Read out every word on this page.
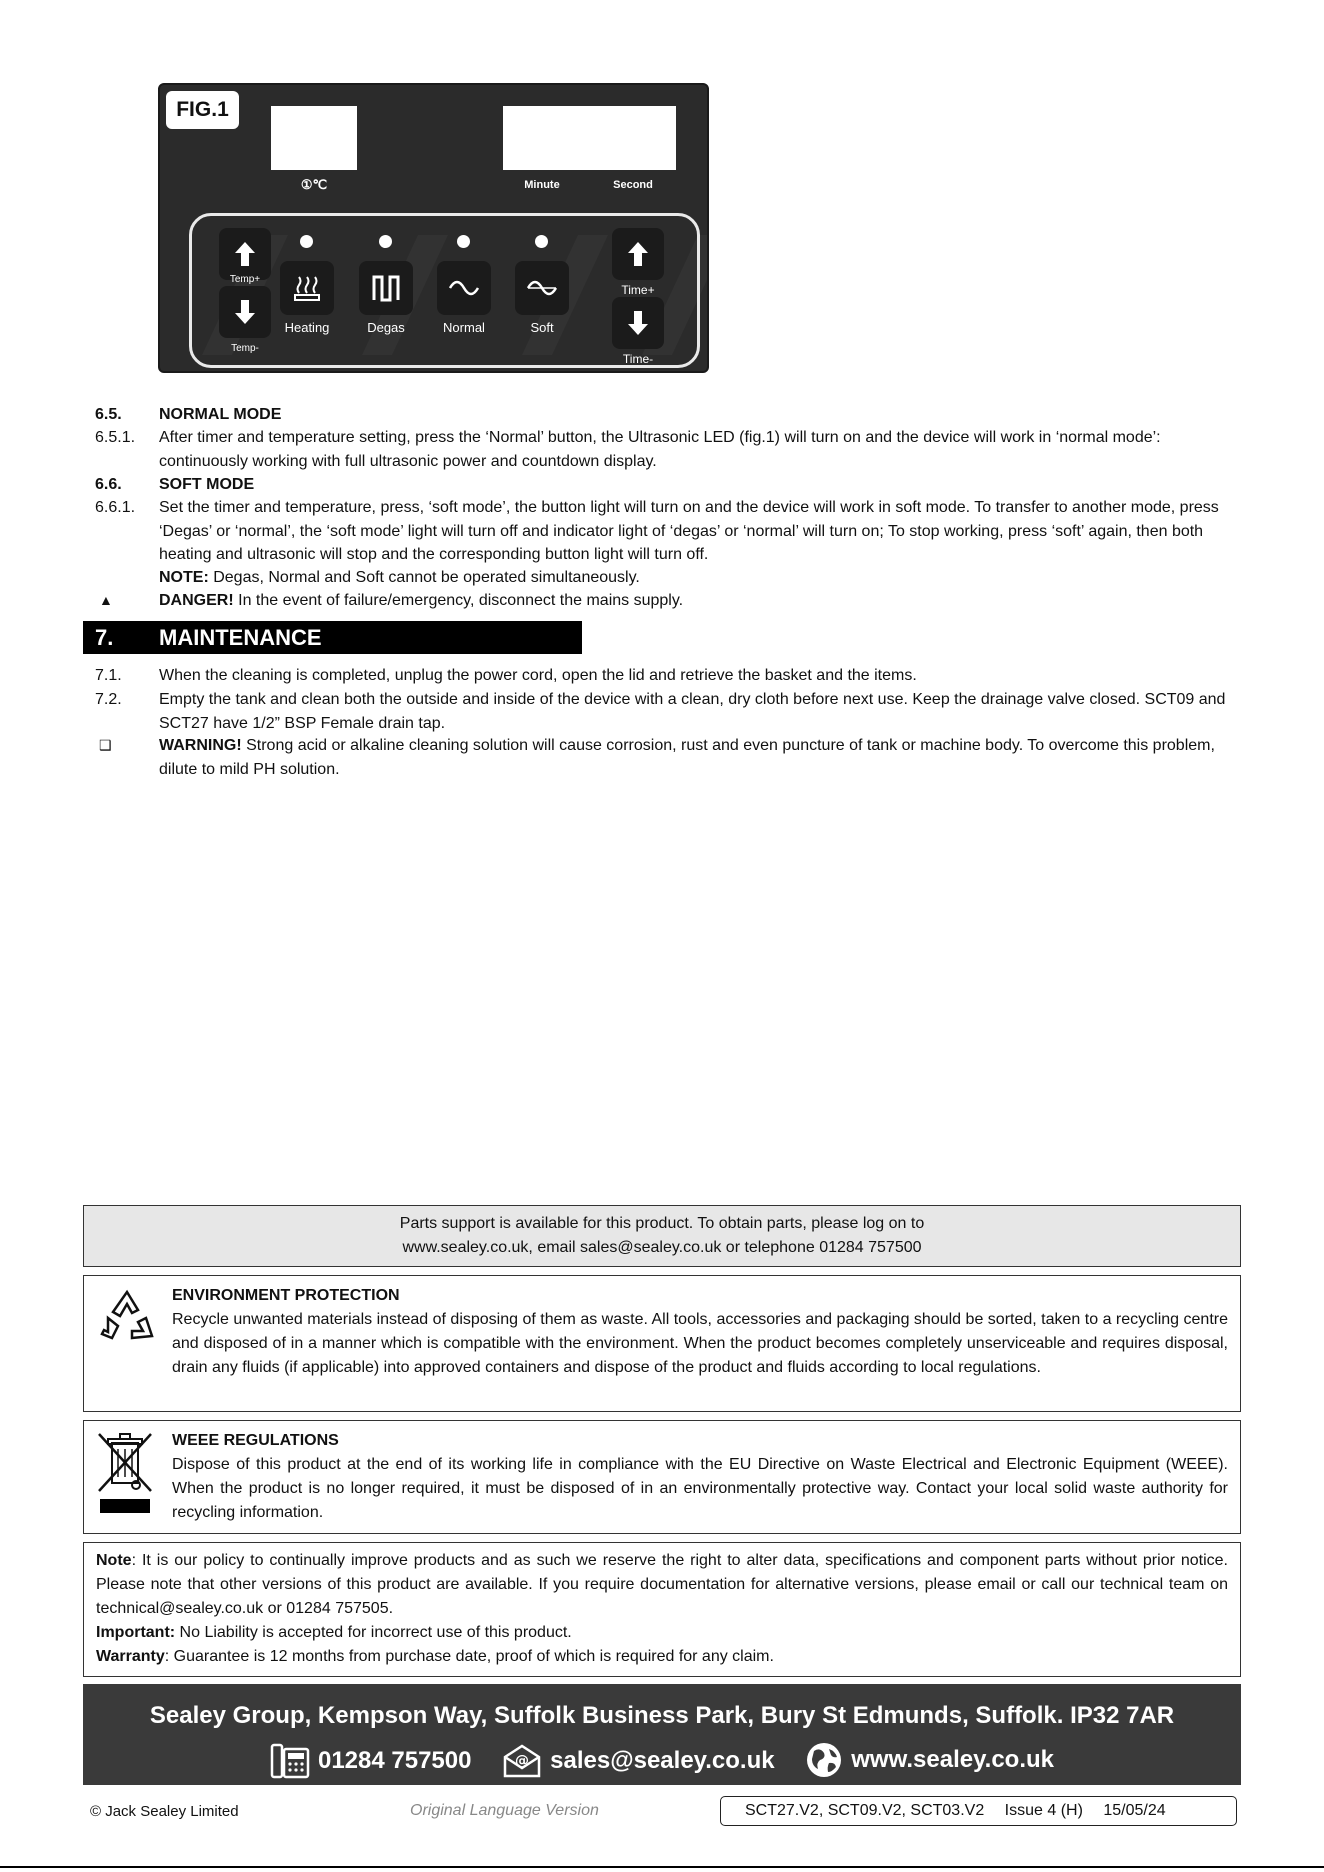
FIG.1
①℃	Minute	Second
Temp+
Temp-
Heating	Degas	Normal	Soft
Time+
Time-
6.5. NORMAL MODE
6.5.1. After timer and temperature setting, press the ‘Normal’ button, the Ultrasonic LED (fig.1) will turn on and the device will work in ‘normal mode’: continuously working with full ultrasonic power and countdown display.
6.6. SOFT MODE
6.6.1. Set the timer and temperature, press, ‘soft mode’, the button light will turn on and the device will work in soft mode. To transfer to another mode, press ‘Degas’ or ‘normal’, the ‘soft mode’ light will turn off and indicator light of ‘degas’ or ‘normal’ will turn on; To stop working, press ‘soft’ again, then both heating and ultrasonic will stop and the corresponding button light will turn off.
NOTE: Degas, Normal and Soft cannot be operated simultaneously.
▲	DANGER! In the event of failure/emergency, disconnect the mains supply.
7. MAINTENANCE
7.1. When the cleaning is completed, unplug the power cord, open the lid and retrieve the basket and the items.
7.2. Empty the tank and clean both the outside and inside of the device with a clean, dry cloth before next use. Keep the drainage valve closed. SCT09 and SCT27 have 1/2” BSP Female drain tap.
❑	WARNING! Strong acid or alkaline cleaning solution will cause corrosion, rust and even puncture of tank or machine body. To overcome this problem, dilute to mild PH solution.
Parts support is available for this product. To obtain parts, please log on to
www.sealey.co.uk, email sales@sealey.co.uk or telephone 01284 757500
ENVIRONMENT PROTECTION
Recycle unwanted materials instead of disposing of them as waste. All tools, accessories and packaging should be sorted, taken to a recycling centre and disposed of in a manner which is compatible with the environment. When the product becomes completely unserviceable and requires disposal, drain any fluids (if applicable) into approved containers and dispose of the product and fluids according to local regulations.
WEEE REGULATIONS
Dispose of this product at the end of its working life in compliance with the EU Directive on Waste Electrical and Electronic Equipment (WEEE). When the product is no longer required, it must be disposed of in an environmentally protective way. Contact your local solid waste authority for recycling information.
Note: It is our policy to continually improve products and as such we reserve the right to alter data, specifications and component parts without prior notice. Please note that other versions of this product are available. If you require documentation for alternative versions, please email or call our technical team on technical@sealey.co.uk or 01284 757505.
Important: No Liability is accepted for incorrect use of this product.
Warranty: Guarantee is 12 months from purchase date, proof of which is required for any claim.
Sealey Group, Kempson Way, Suffolk Business Park, Bury St Edmunds, Suffolk. IP32 7AR
01284 757500
	@ sales@sealey.co.uk
	www.sealey.co.uk
© Jack Sealey Limited	Original Language Version	SCT27.V2, SCT09.V2, SCT03.V2 Issue 4 (H) 15/05/24
